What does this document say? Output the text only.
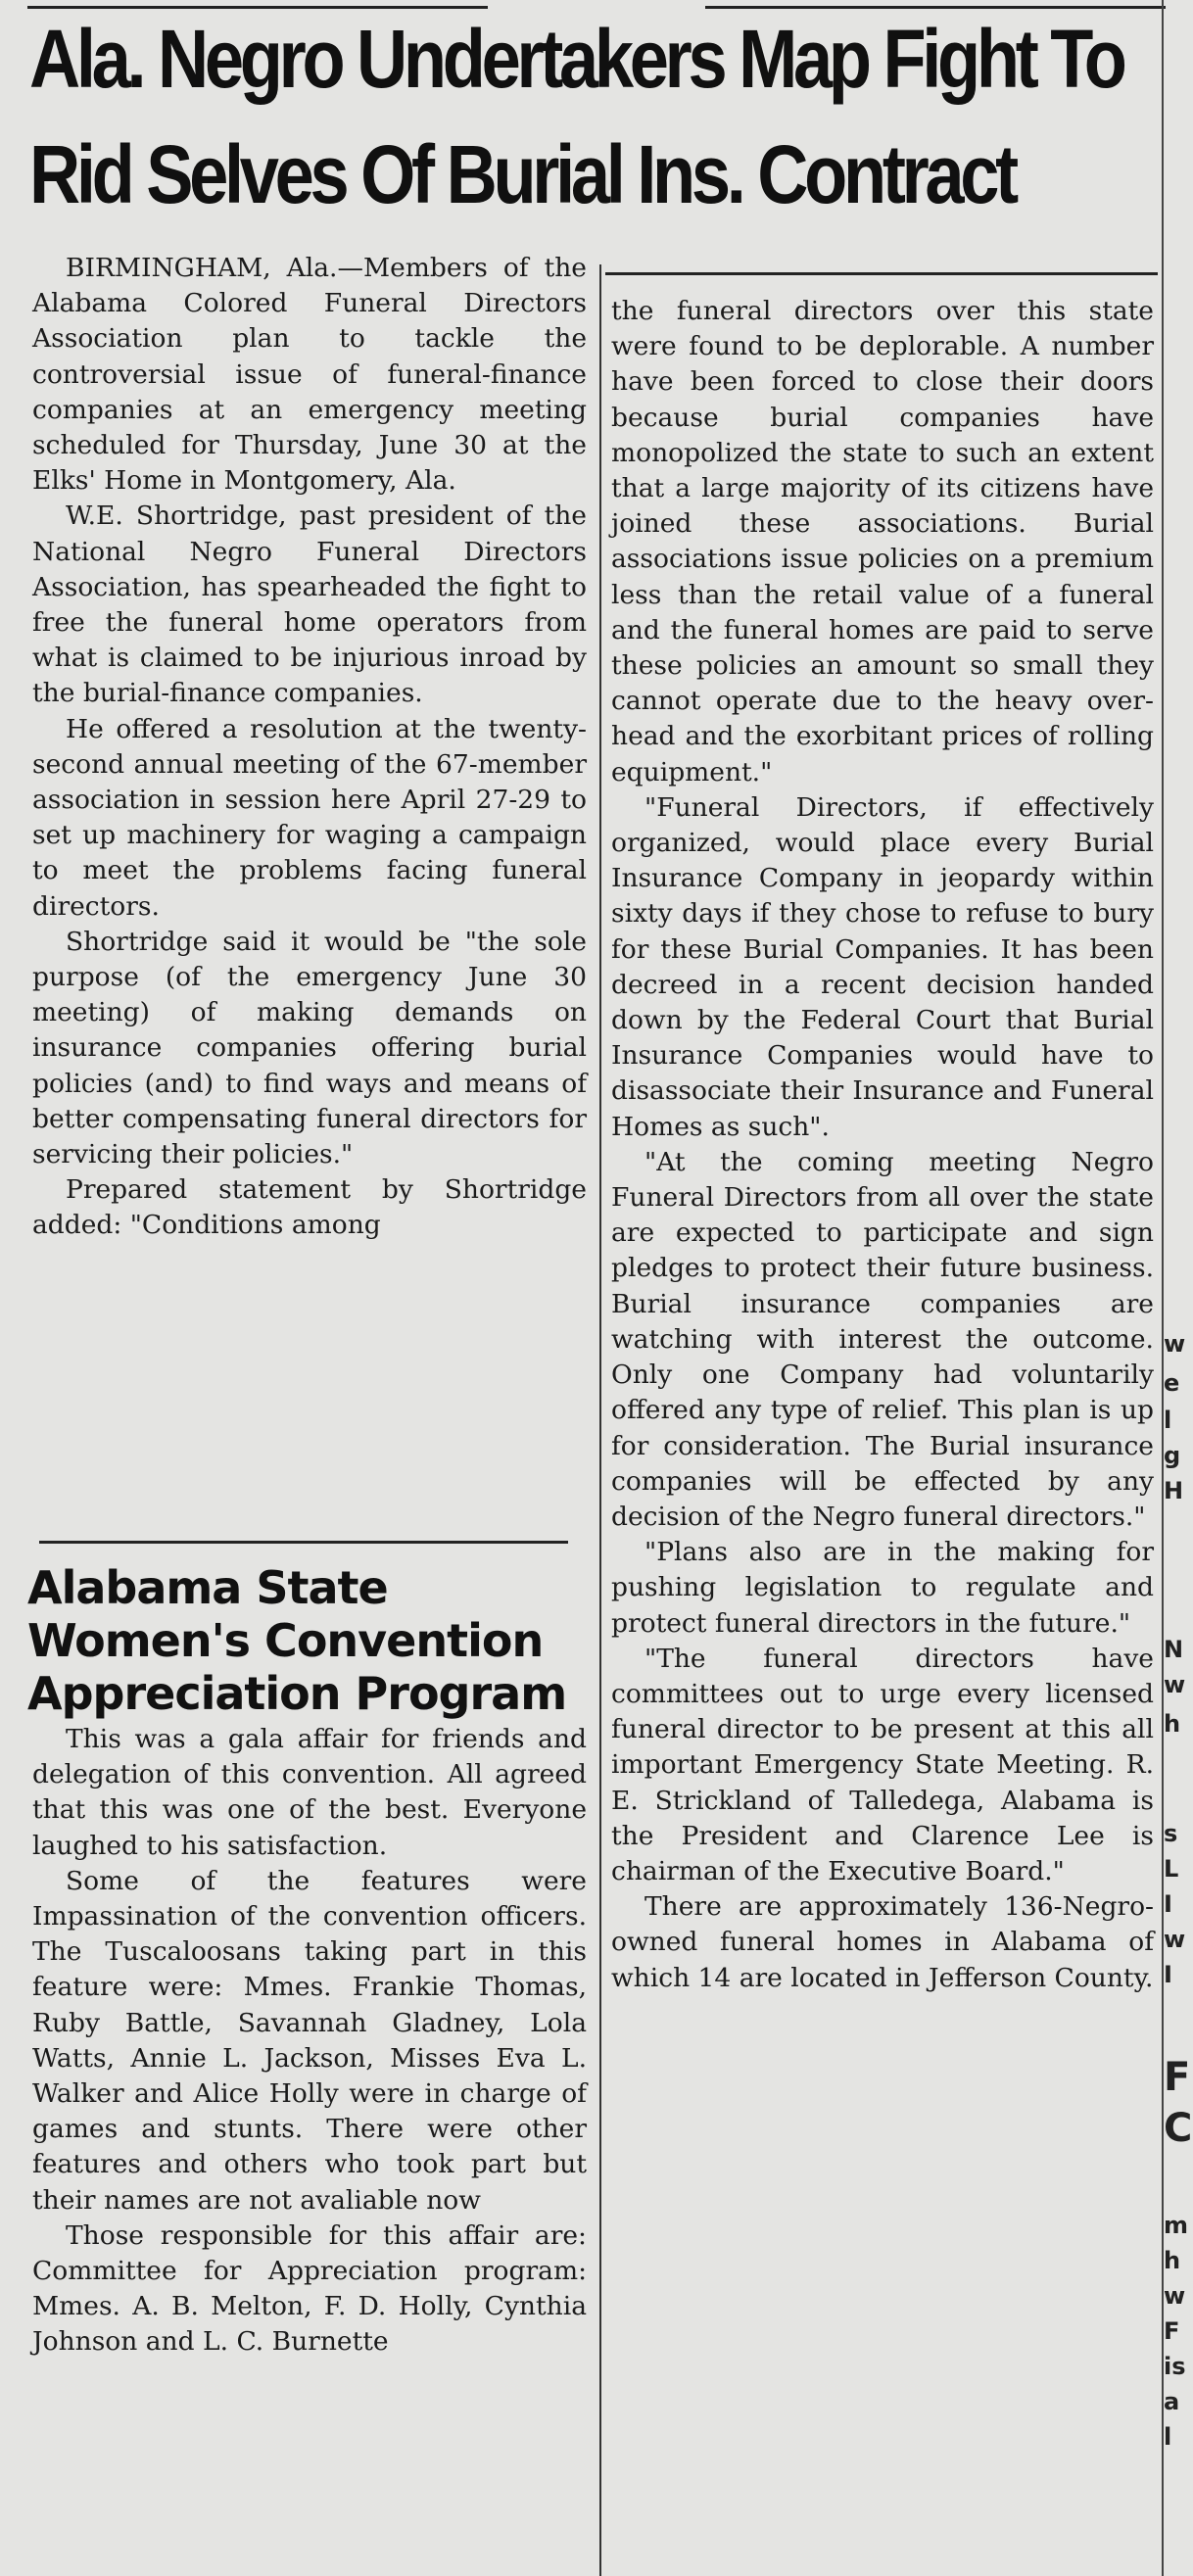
Ala. Negro Undertakers Map Fight To
Rid Selves Of Burial Ins. Contract

BIRMINGHAM, Ala.—Members of the Alabama Colored Funeral Directors Association plan to tackle the controversial issue of funeral-finance companies at an emergency meeting scheduled for Thursday, June 30 at the Elks' Home in Montgomery, Ala.

W.E. Shortridge, past president of the National Negro Funeral Directors Association, has spearheaded the fight to free the funeral home operators from what is claimed to be injurious inroad by the burial-finance companies.

He offered a resolution at the twenty-second annual meeting of the 67-member association in session here April 27-29 to set up machinery for waging a campaign to meet the problems facing funeral directors.

Shortridge said it would be "the sole purpose (of the emergency June 30 meeting) of making demands on insurance companies offering burial policies (and) to find ways and means of better compensating funeral directors for servicing their policies."

Prepared statement by Shortridge added: "Conditions among

Alabama State
Women's Convention
Appreciation Program

This was a gala affair for friends and delegation of this convention. All agreed that this was one of the best. Everyone laughed to his satisfaction.

Some of the features were Impassination of the convention officers. The Tuscaloosans taking part in this feature were: Mmes. Frankie Thomas, Ruby Battle, Savannah Gladney, Lola Watts, Annie L. Jackson, Misses Eva L. Walker and Alice Holly were in charge of games and stunts. There were other features and others who took part but their names are not avaliable now

Those responsible for this affair are: Committee for Appreciation program: Mmes. A. B. Melton, F. D. Holly, Cynthia Johnson and L. C. Burnette

the funeral directors over this state were found to be deplorable. A number have been forced to close their doors because burial companies have monopolized the state to such an extent that a large majority of its citizens have joined these associations. Burial associations issue policies on a premium less than the retail value of a funeral and the funeral homes are paid to serve these policies an amount so small they cannot operate due to the heavy over-head and the exorbitant prices of rolling equipment."

"Funeral Directors, if effectively organized, would place every Burial Insurance Company in jeopardy within sixty days if they chose to refuse to bury for these Burial Companies. It has been decreed in a recent decision handed down by the Federal Court that Burial Insurance Companies would have to disassociate their Insurance and Funeral Homes as such".

"At the coming meeting Negro Funeral Directors from all over the state are expected to participate and sign pledges to protect their future business. Burial insurance companies are watching with interest the outcome. Only one Company had voluntarily offered any type of relief. This plan is up for consideration. The Burial insurance companies will be effected by any decision of the Negro funeral directors."

"Plans also are in the making for pushing legislation to regulate and protect funeral directors in the future."

"The funeral directors have committees out to urge every licensed funeral director to be present at this all important Emergency State Meeting. R. E. Strickland of Talledega, Alabama is the President and Clarence Lee is chairman of the Executive Board."

There are approximately 136-Negro-owned funeral homes in Alabama of which 14 are located in Jefferson County.

w
e
l
g
H
N
w
h
s
L
I
w
I
F
C
m
h
w
F
is
a
l
